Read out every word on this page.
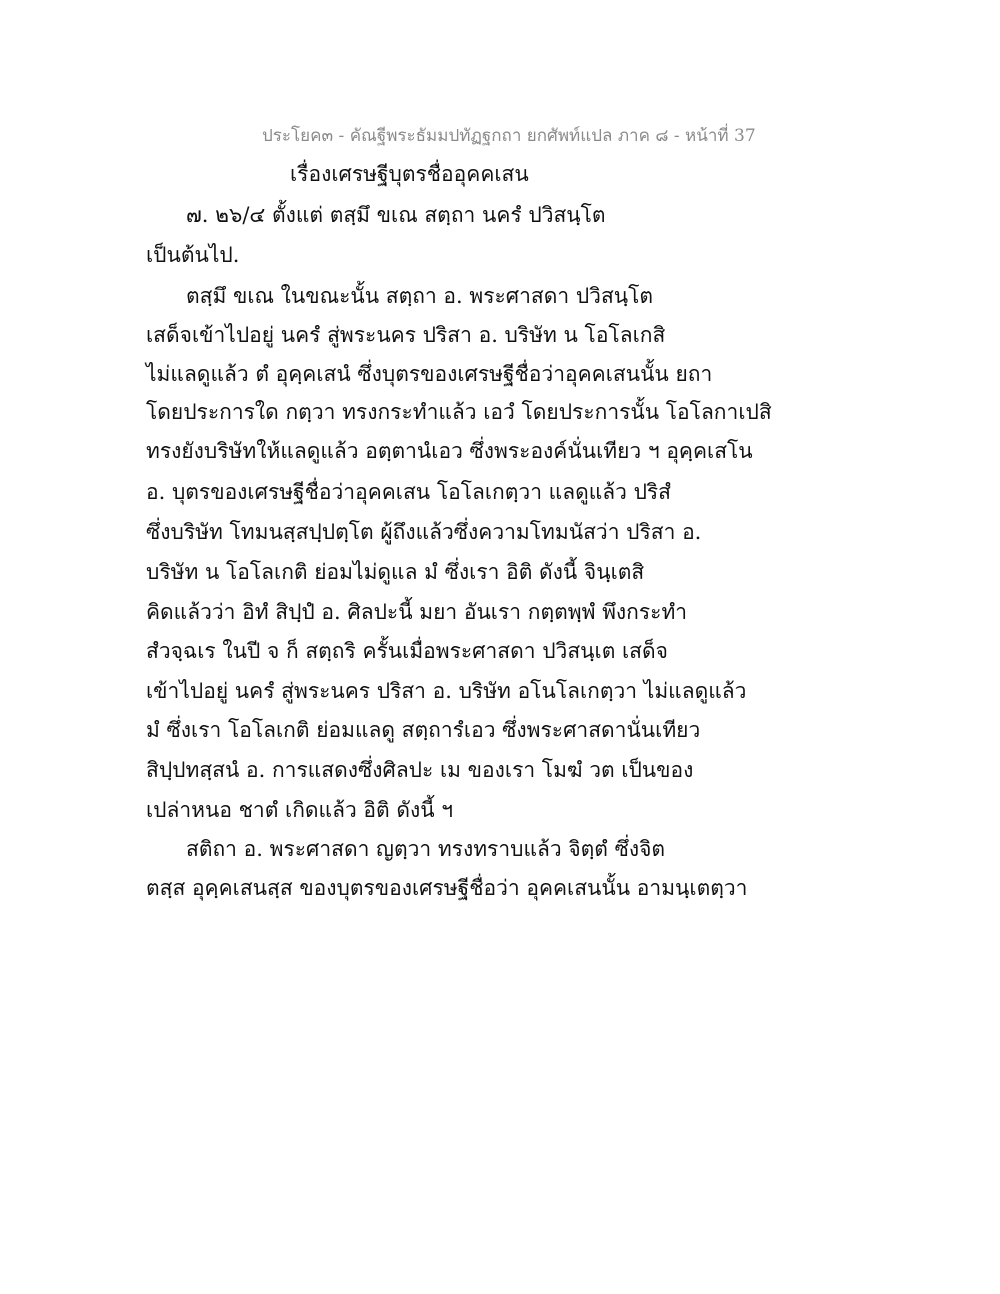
ประโยค๓ - คัณฐีพระธัมมปทัฏฐกถา ยกศัพท์แปล ภาค ๘ - หน้าที่ 37
เรื่องเศรษฐีบุตรชื่ออุคคเสน
๗. ๒๖/๔ ตั้งแต่ ตสฺมึ ขเณ สตฺถา นครํ ปวิสนฺโต
เป็นต้นไป.
ตสฺมึ ขเณ ในขณะนั้น สตฺถา อ. พระศาสดา ปวิสนฺโต
เสด็จเข้าไปอยู่ นครํ สู่พระนคร ปริสา อ. บริษัท น โอโลเกสิ
ไม่แลดูแล้ว ตํ อุคฺคเสนํ ซึ่งบุตรของเศรษฐีชื่อว่าอุคคเสนนั้น ยถา
โดยประการใด กตฺวา ทรงกระทำแล้ว เอวํ โดยประการนั้น โอโลกาเปสิ
ทรงยังบริษัทให้แลดูแล้ว อตฺตานํเอว ซึ่งพระองค์นั่นเทียว ฯ อุคฺคเสโน
อ. บุตรของเศรษฐีชื่อว่าอุคคเสน โอโลเกตฺวา แลดูแล้ว ปริสํ
ซึ่งบริษัท โทมนสฺสปฺปตฺโต ผู้ถึงแล้วซึ่งความโทมนัสว่า ปริสา อ.
บริษัท น โอโลเกติ ย่อมไม่ดูแล มํ ซึ่งเรา อิติ ดังนี้ จินฺเตสิ
คิดแล้วว่า อิทํ สิปฺปํ อ. ศิลปะนี้ มยา อันเรา กตฺตพฺพํ พึงกระทำ
สํวจฺฉเร ในปี จ ก็ สตฺถริ ครั้นเมื่อพระศาสดา ปวิสนฺเต เสด็จ
เข้าไปอยู่ นครํ สู่พระนคร ปริสา อ. บริษัท อโนโลเกตฺวา ไม่แลดูแล้ว
มํ ซึ่งเรา โอโลเกติ ย่อมแลดู สตฺถารํเอว ซึ่งพระศาสดานั่นเทียว
สิปฺปทสฺสนํ อ. การแสดงซึ่งศิลปะ เม ของเรา โมฆํ วต เป็นของ
เปล่าหนอ ชาตํ เกิดแล้ว อิติ ดังนี้ ฯ
สติถา อ. พระศาสดา ญตฺวา ทรงทราบแล้ว จิตฺตํ ซึ่งจิต
ตสฺส อุคฺคเสนสฺส ของบุตรของเศรษฐีชื่อว่า อุคคเสนนั้น อามนฺเตตฺวา
